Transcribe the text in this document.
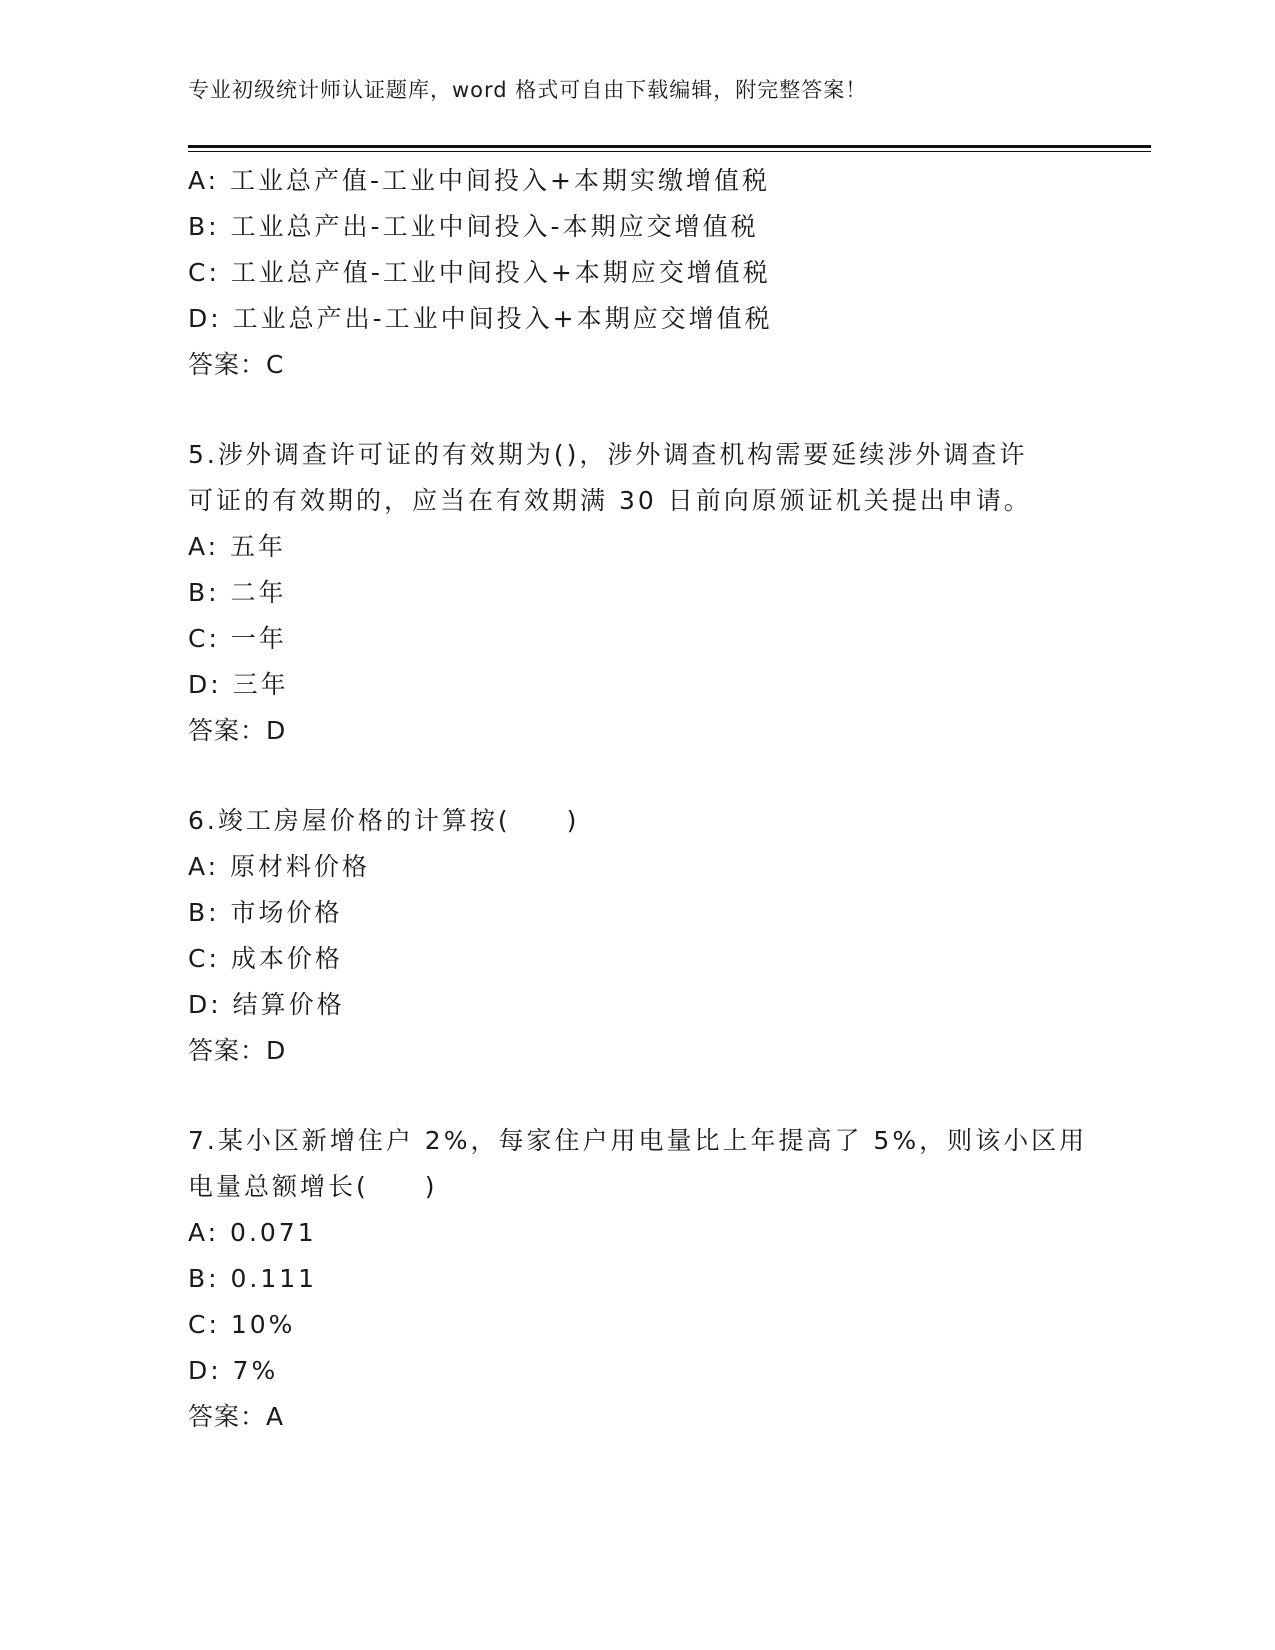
专业初级统计师认证题库，word 格式可自由下载编辑，附完整答案！
A: 工业总产值-工业中间投入+本期实缴增值税
B: 工业总产出-工业中间投入-本期应交增值税
C: 工业总产值-工业中间投入+本期应交增值税
D: 工业总产出-工业中间投入+本期应交增值税
答案：C
5.涉外调查许可证的有效期为()，涉外调查机构需要延续涉外调查许
可证的有效期的，应当在有效期满 30 日前向原颁证机关提出申请。
A: 五年
B: 二年
C: 一年
D: 三年
答案：D
6.竣工房屋价格的计算按(　　)
A: 原材料价格
B: 市场价格
C: 成本价格
D: 结算价格
答案：D
7.某小区新增住户 2%，每家住户用电量比上年提高了 5%，则该小区用
电量总额增长(　　)
A: 0.071
B: 0.111
C: 10%
D: 7%
答案：A
